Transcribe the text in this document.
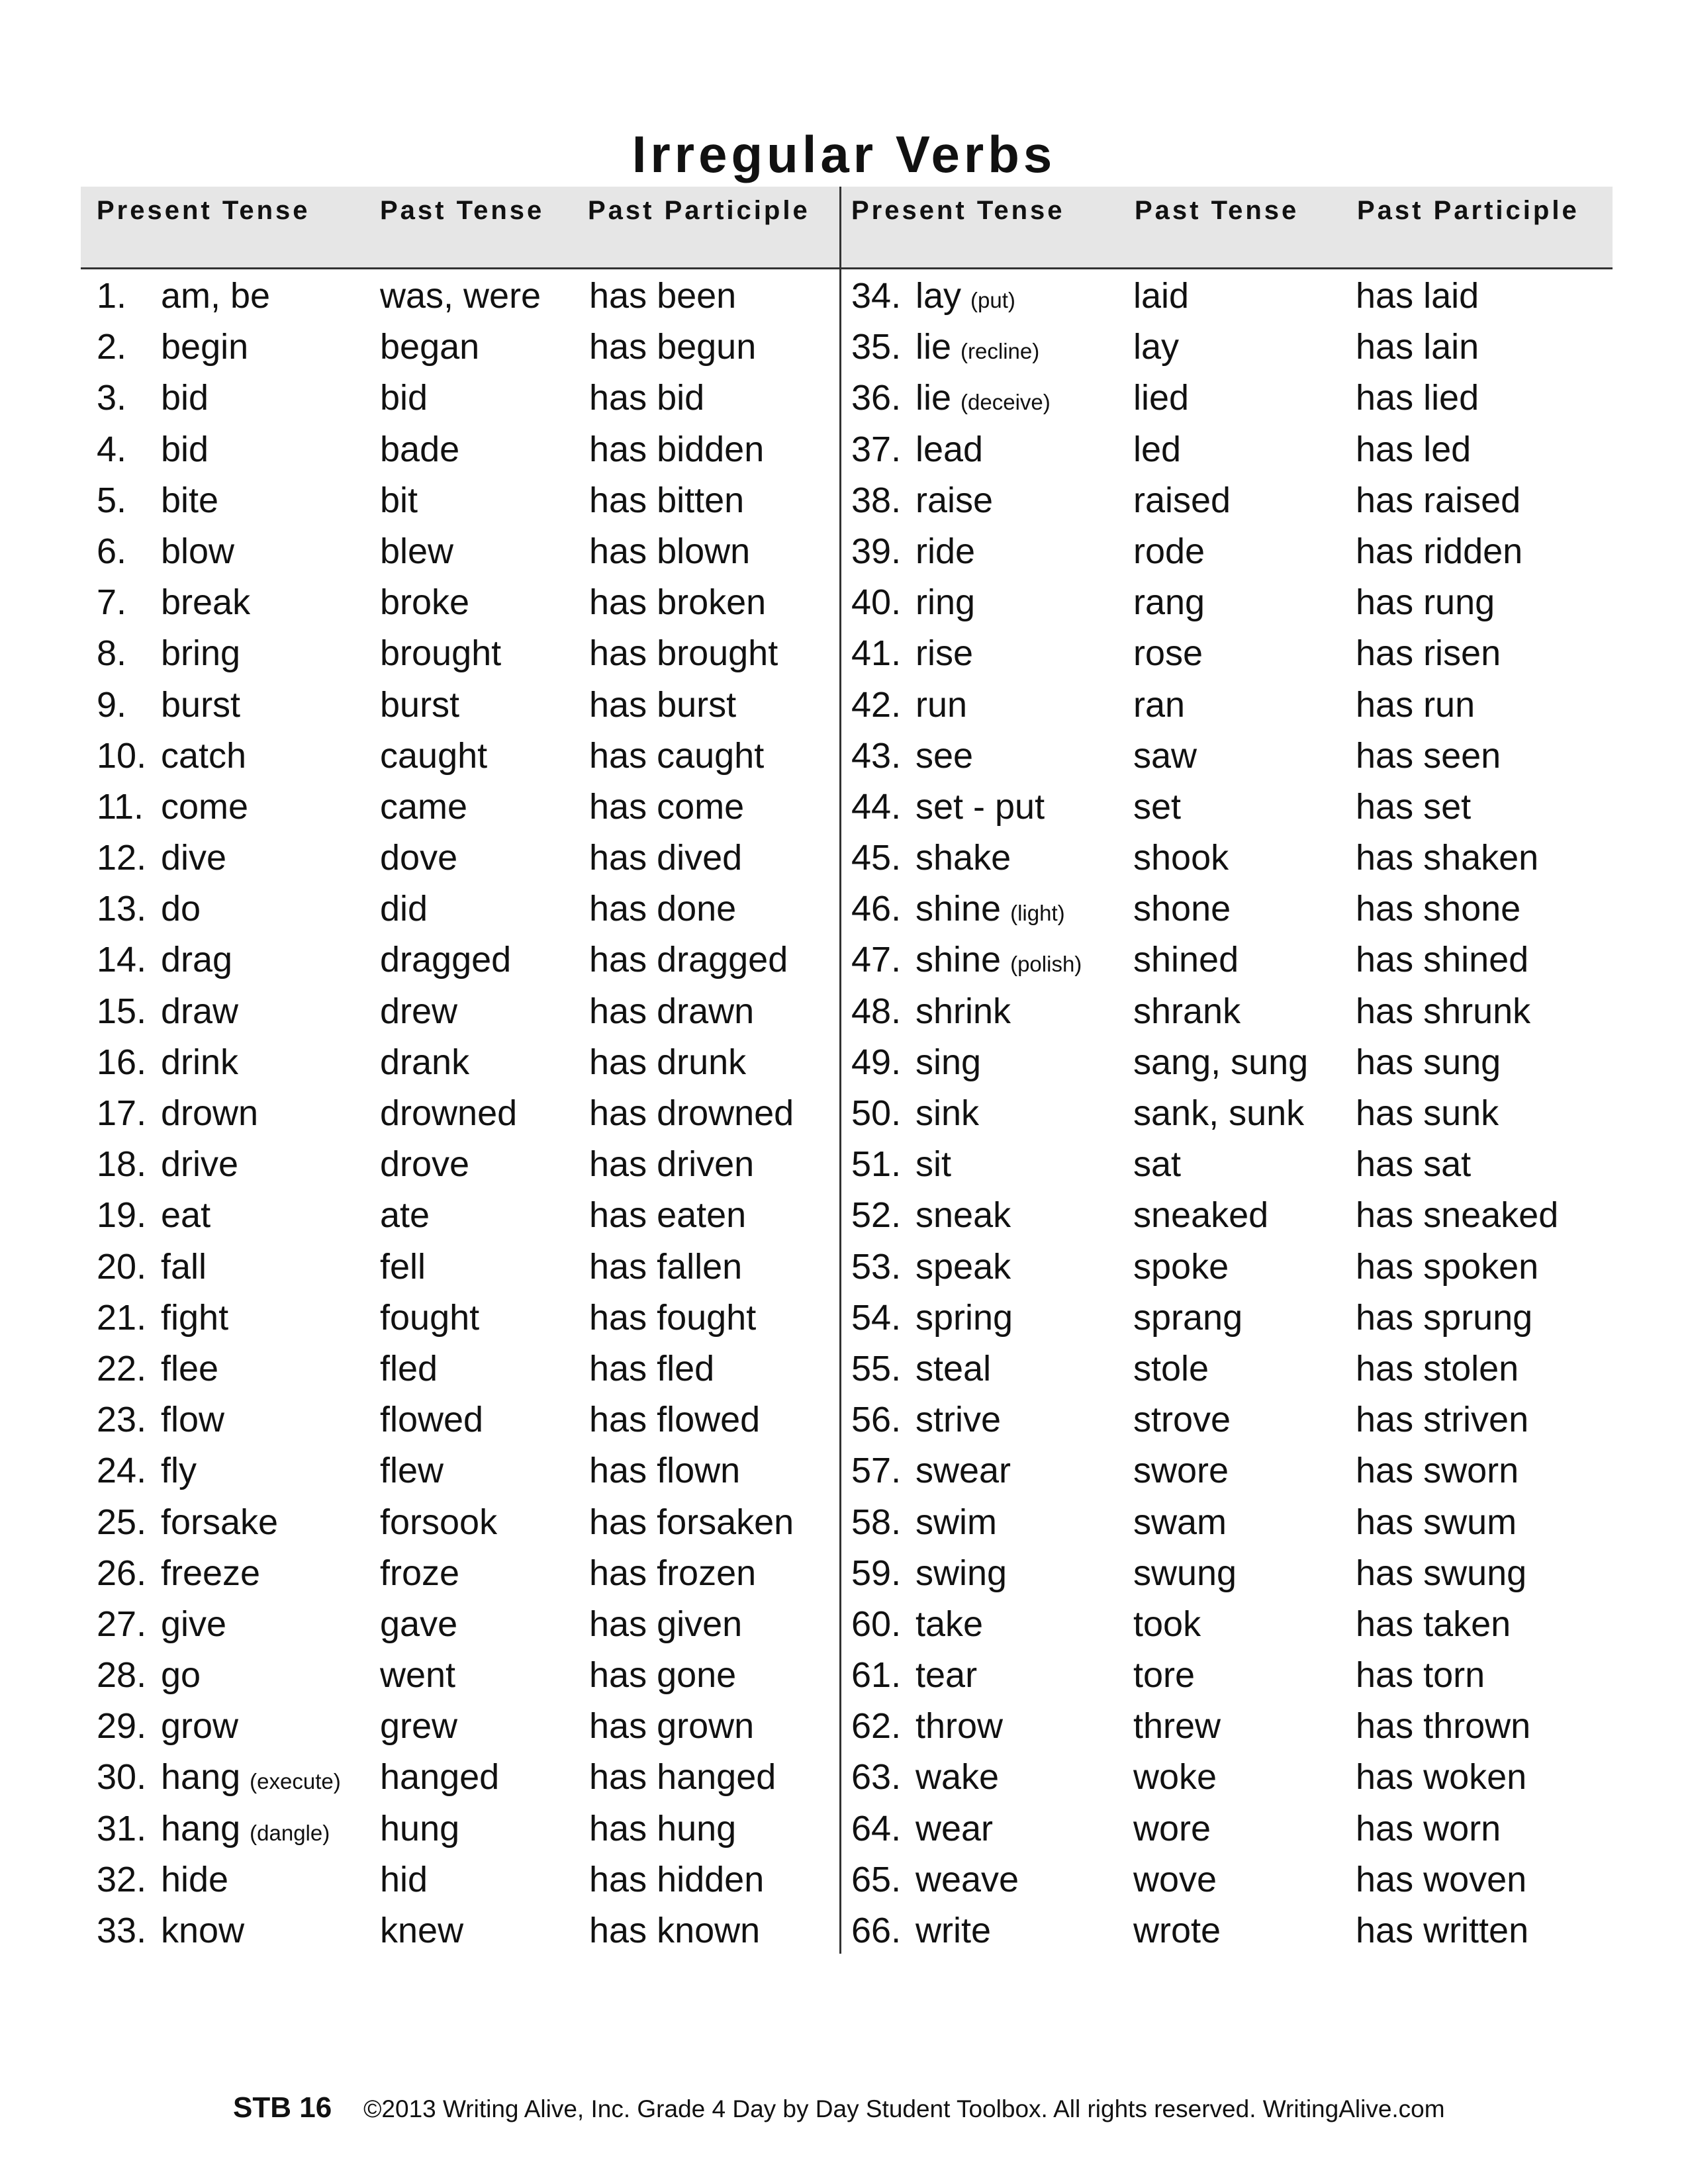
Irregular Verbs
Present Tense	Past Tense Past Participle Present Tense	Past Tense Past Participle
1. am, be	was, were has been	34. lay (put)	laid	has laid
2. begin	began	has begun	35. lie (recline)	lay	has lain
3. bid	bid	has bid	36. lie (deceive) lied	has lied
4. bid	bade	has bidden 37. lead	led	has led
5. bite	bit	has bitten	38. raise	raised	has raised
6. blow	blew	has blown	39. ride	rode	has ridden
7. break	broke	has broken 40. ring	rang	has rung
8. bring	brought has brought 41. rise	rose	has risen
9. burst	burst	has burst	42. run	ran	has run
10. catch	caught	has caught 43. see	saw	has seen
11. come	came	has come	44. set - put set	has set
12. dive	dove	has dived	45. shake	shook	has shaken
13. do	did	has done	46. shine (light) shone	has shone
14. drag	dragged has dragged 47. shine (polish) shined	has shined
15. draw	drew	has drawn	48. shrink	shrank	has shrunk
16. drink	drank	has drunk	49. sing	sang, sung has sung
17. drown	drowned has drowned 50. sink	sank, sunk has sunk
18. drive	drove	has driven	51. sit	sat	has sat
19. eat	ate	has eaten	52. sneak	sneaked has sneaked
20. fall	fell	has fallen	53. speak	spoke	has spoken
21. fight	fought	has fought	54. spring	sprang	has sprung
22. flee	fled	has fled	55. steal	stole	has stolen
23. flow	flowed	has flowed	56. strive	strove	has striven
24. fly	flew	has flown	57. swear	swore	has sworn
25. forsake	forsook	has forsaken 58. swim	swam	has swum
26. freeze	froze	has frozen	59. swing	swung	has swung
27. give	gave	has given	60. take	took	has taken
28. go	went	has gone	61. tear	tore	has torn
29. grow	grew	has grown	62. throw	threw	has thrown
30. hang (execute) hanged	has hanged 63. wake	woke	has woken
31. hang (dangle) hung	has hung	64. wear	wore	has worn
32. hide	hid	has hidden 65. weave	wove	has woven
33. know	knew	has known	66. write	wrote	has written
STB 16 ©2013 Writing Alive, Inc. Grade 4 Day by Day Student Toolbox. All rights reserved. WritingAlive.com
